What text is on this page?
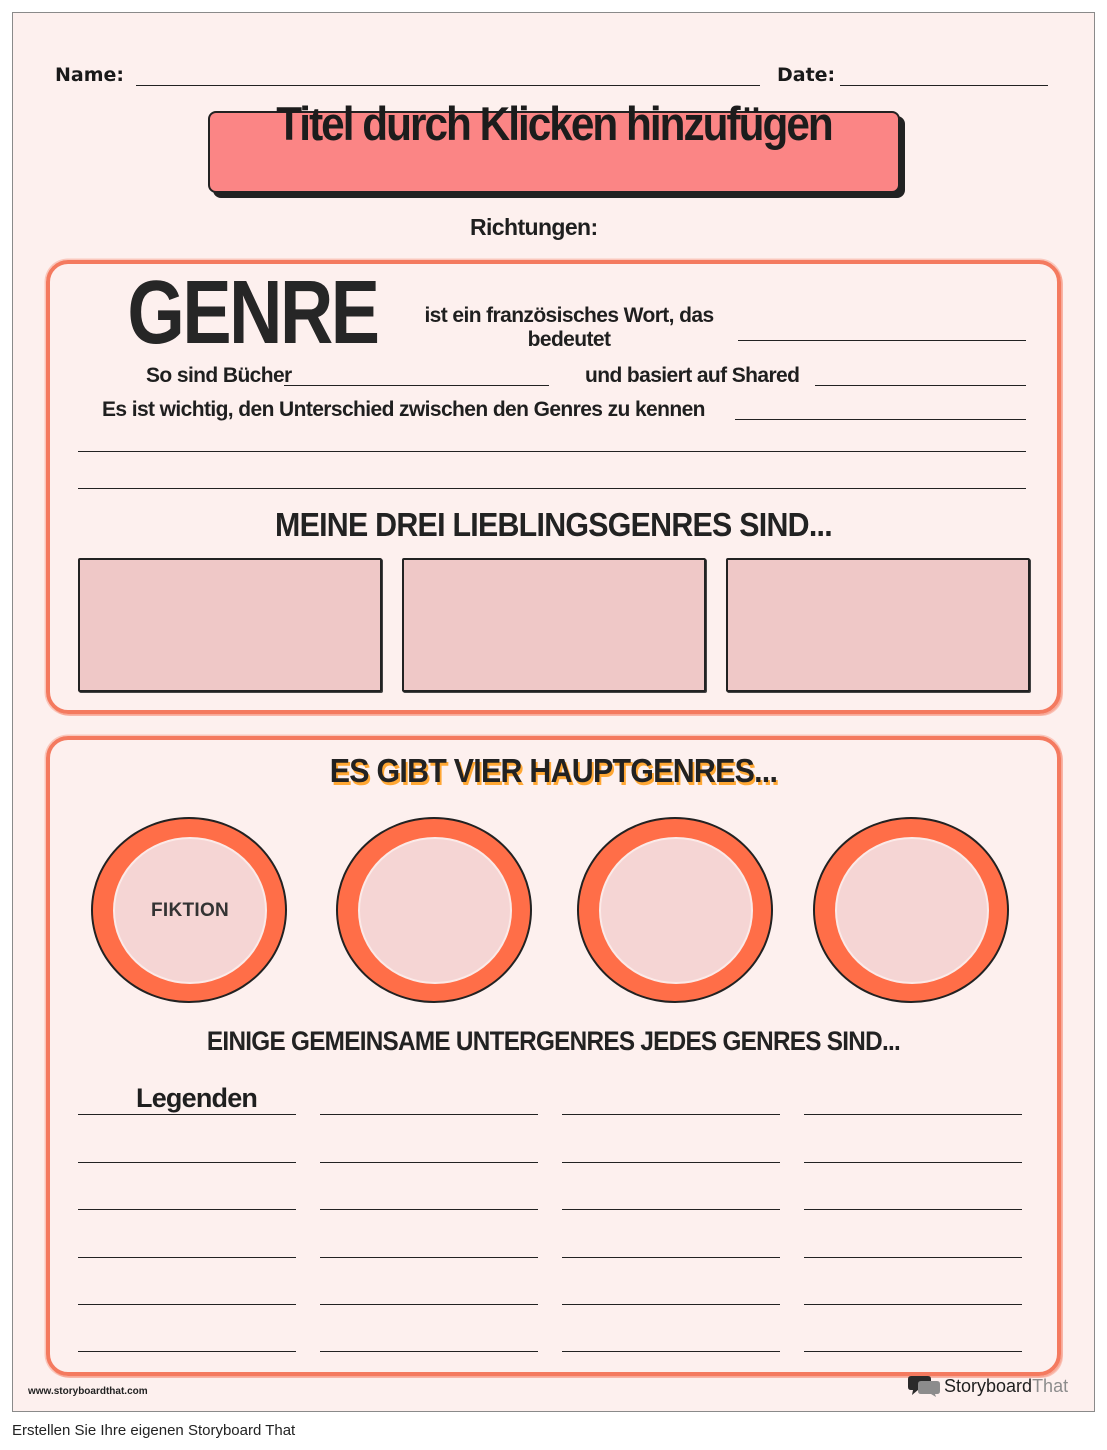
Name:	Date:
Titel durch Klicken hinzufügen
Richtungen:
GENRE	ist ein französisches Wort, das bedeutet
So sind Bücher	und basiert auf Shared
Es ist wichtig, den Unterschied zwischen den Genres zu kennen
MEINE DREI LIEBLINGSGENRES SIND...
ES GIBT VIER HAUPTGENRES...
FIKTION
EINIGE GEMEINSAME UNTERGENRES JEDES GENRES SIND...
Legenden
www.storyboardthat.com	StoryboardThat
Erstellen Sie Ihre eigenen Storyboard That
